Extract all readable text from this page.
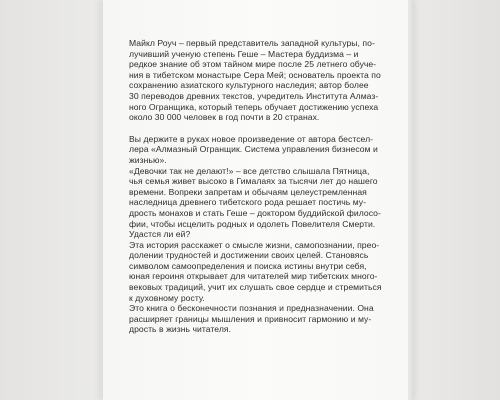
Майкл Роуч – первый представитель западной культуры, по-

лучивший ученую степень Геше – Мастера буддизма – и

редкое знание об этом тайном мире после 25 летнего обуче-

ния в тибетском монастыре Сера Мей; основатель проекта по

сохранению азиатского культурного наследия; автор более

30 переводов древних текстов, учредитель Института Алмаз-

ного Огранщика, который теперь обучает достижению успеха

около 30 000 человек в год почти в 20 странах.

Вы держите в руках новое произведение от автора бестсел-

лера «Алмазный Огранщик. Система управления бизнесом и

жизнью».

«Девочки так не делают!» – все детство слышала Пятница,

чья семья живет высоко в Гималаях за тысячи лет до нашего

времени. Вопреки запретам и обычаям целеустремленная

наследница древнего тибетского рода решает постичь му-

дрость монахов и стать Геше – доктором буддийской филосо-

фии, чтобы исцелить родных и одолеть Повелителя Смерти.

Удастся ли ей?

Эта история расскажет о смысле жизни, самопознании, прео-

долении трудностей и достижении своих целей. Становясь

символом самоопределения и поиска истины внутри себя,

юная героиня открывает для читателей мир тибетских много-

вековых традиций, учит их слушать свое сердце и стремиться

к духовному росту.

Это книга о бесконечности познания и предназначении. Она

расширяет границы мышления и привносит гармонию и му-

дрость в жизнь читателя.
